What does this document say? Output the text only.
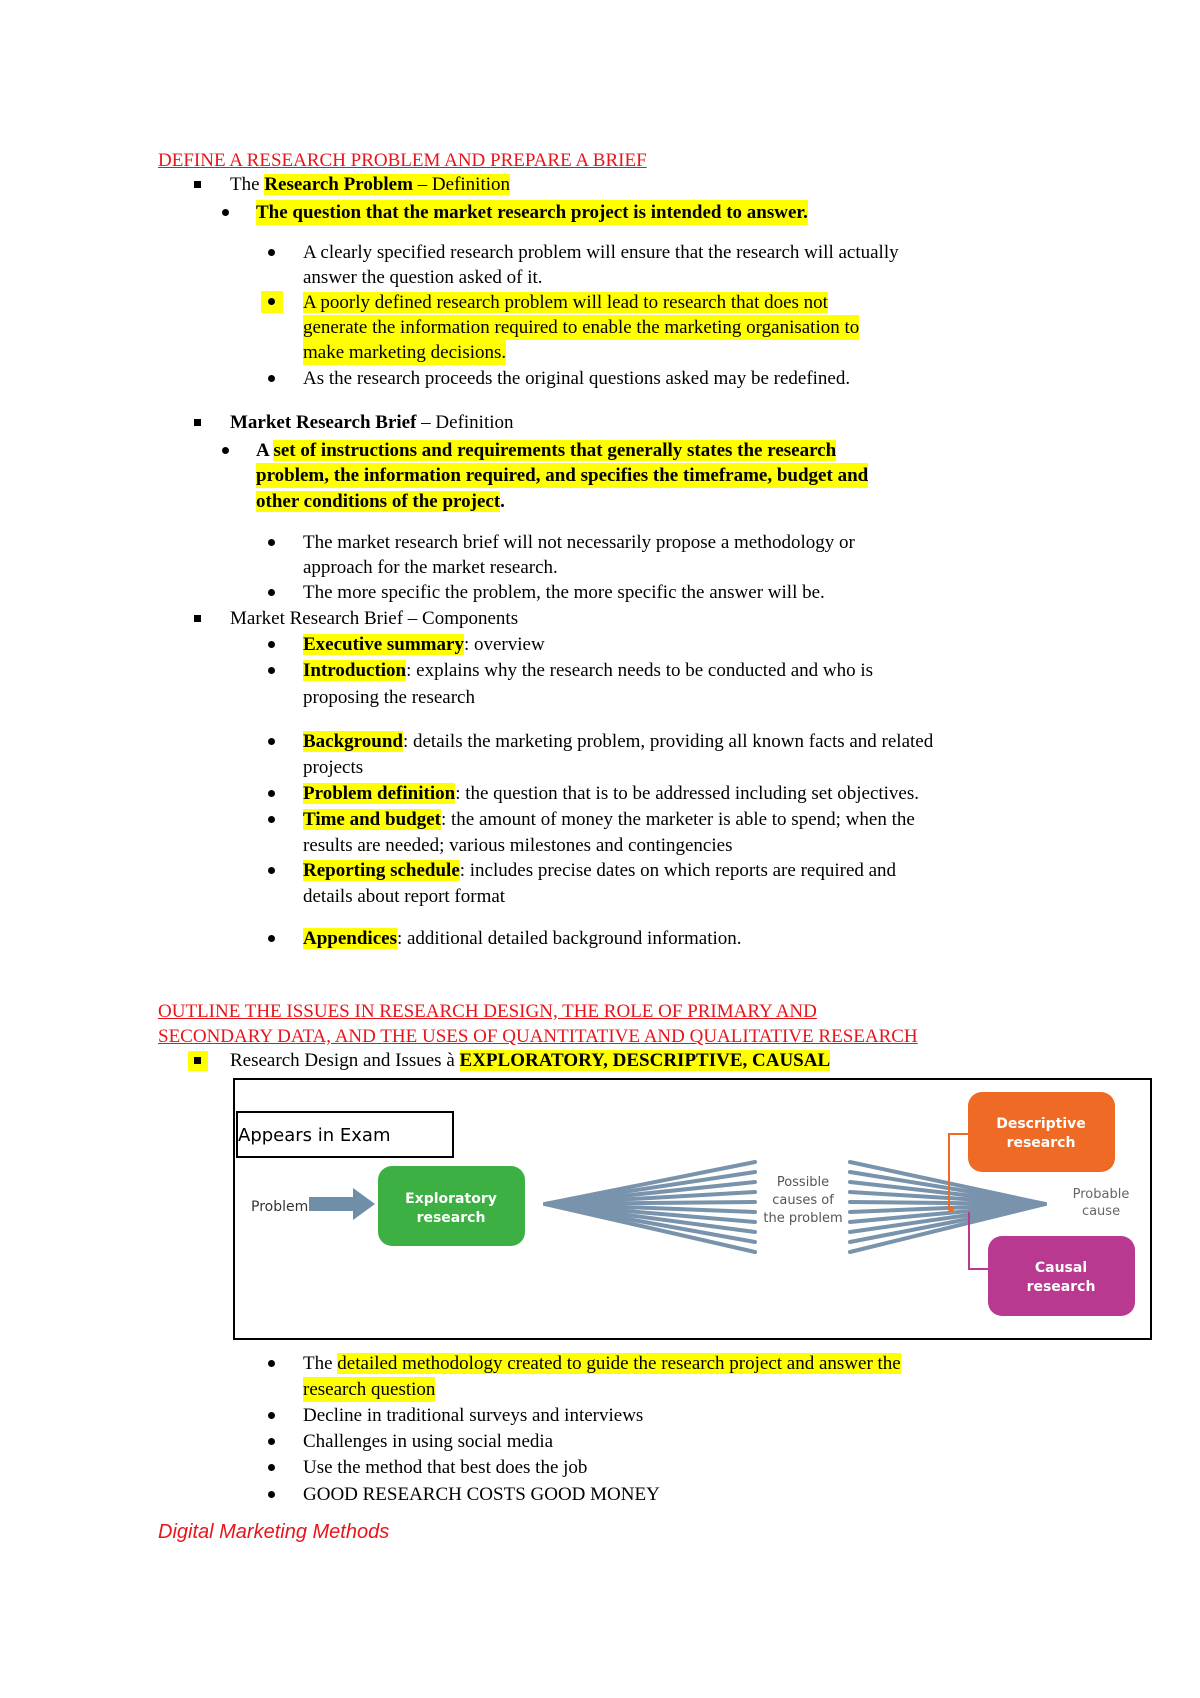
DEFINE A RESEARCH PROBLEM AND PREPARE A BRIEF
The Research Problem – Definition
The question that the market research project is intended to answer.
A clearly specified research problem will ensure that the research will actually
answer the question asked of it.
A poorly defined research problem will lead to research that does not
generate the information required to enable the marketing organisation to
make marketing decisions.
As the research proceeds the original questions asked may be redefined.
Market Research Brief – Definition
A set of instructions and requirements that generally states the research
problem, the information required, and specifies the timeframe, budget and
other conditions of the project.
The market research brief will not necessarily propose a methodology or
approach for the market research.
The more specific the problem, the more specific the answer will be.
Market Research Brief – Components
Executive summary: overview
Introduction: explains why the research needs to be conducted and who is
proposing the research
Background: details the marketing problem, providing all known facts and related
projects
Problem definition: the question that is to be addressed including set objectives.
Time and budget: the amount of money the marketer is able to spend; when the
results are needed; various milestones and contingencies
Reporting schedule: includes precise dates on which reports are required and
details about report format
Appendices: additional detailed background information.
OUTLINE THE ISSUES IN RESEARCH DESIGN, THE ROLE OF PRIMARY AND
SECONDARY DATA, AND THE USES OF QUANTITATIVE AND QUALITATIVE RESEARCH
Research Design and Issues à EXPLORATORY, DESCRIPTIVE, CAUSAL
Problem	Exploratory
research
Possible
causes of
the problem
Probable
cause
Descriptive
research
Causal
research
Appears in Exam
The detailed methodology created to guide the research project and answer the
research question
Decline in traditional surveys and interviews
Challenges in using social media
Use the method that best does the job
GOOD RESEARCH COSTS GOOD MONEY
Digital Marketing Methods
